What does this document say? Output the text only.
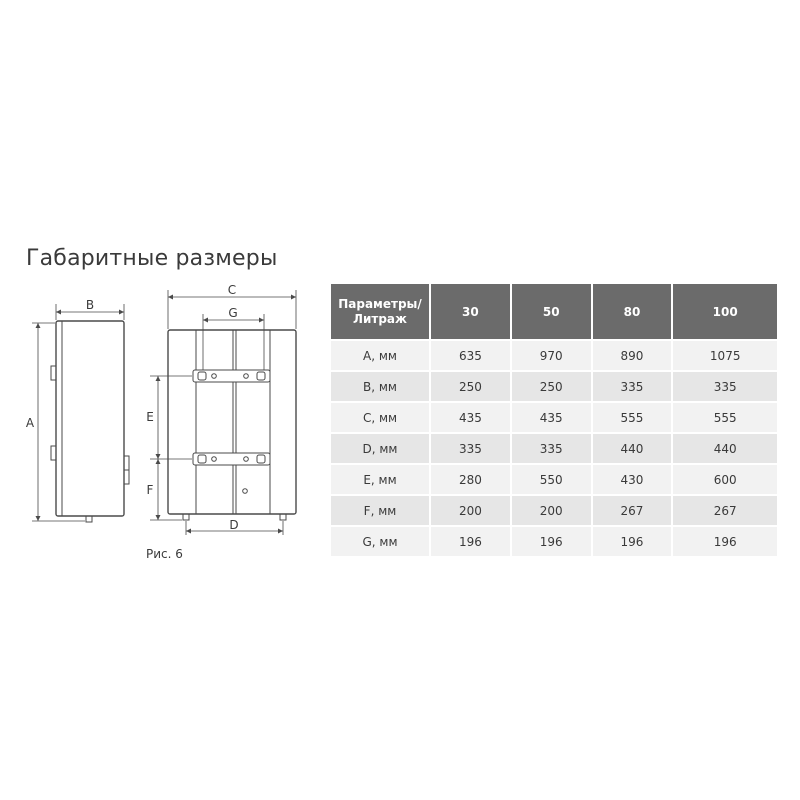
Габаритные размеры
B
A
C
G
E
F
D
Рис. 6
Параметры/
Литраж	30	50	80	100
A, мм	635	970	890	1075
B, мм	250	250	335	335
C, мм	435	435	555	555
D, мм	335	335	440	440
E, мм	280	550	430	600
F, мм	200	200	267	267
G, мм	196	196	196	196
